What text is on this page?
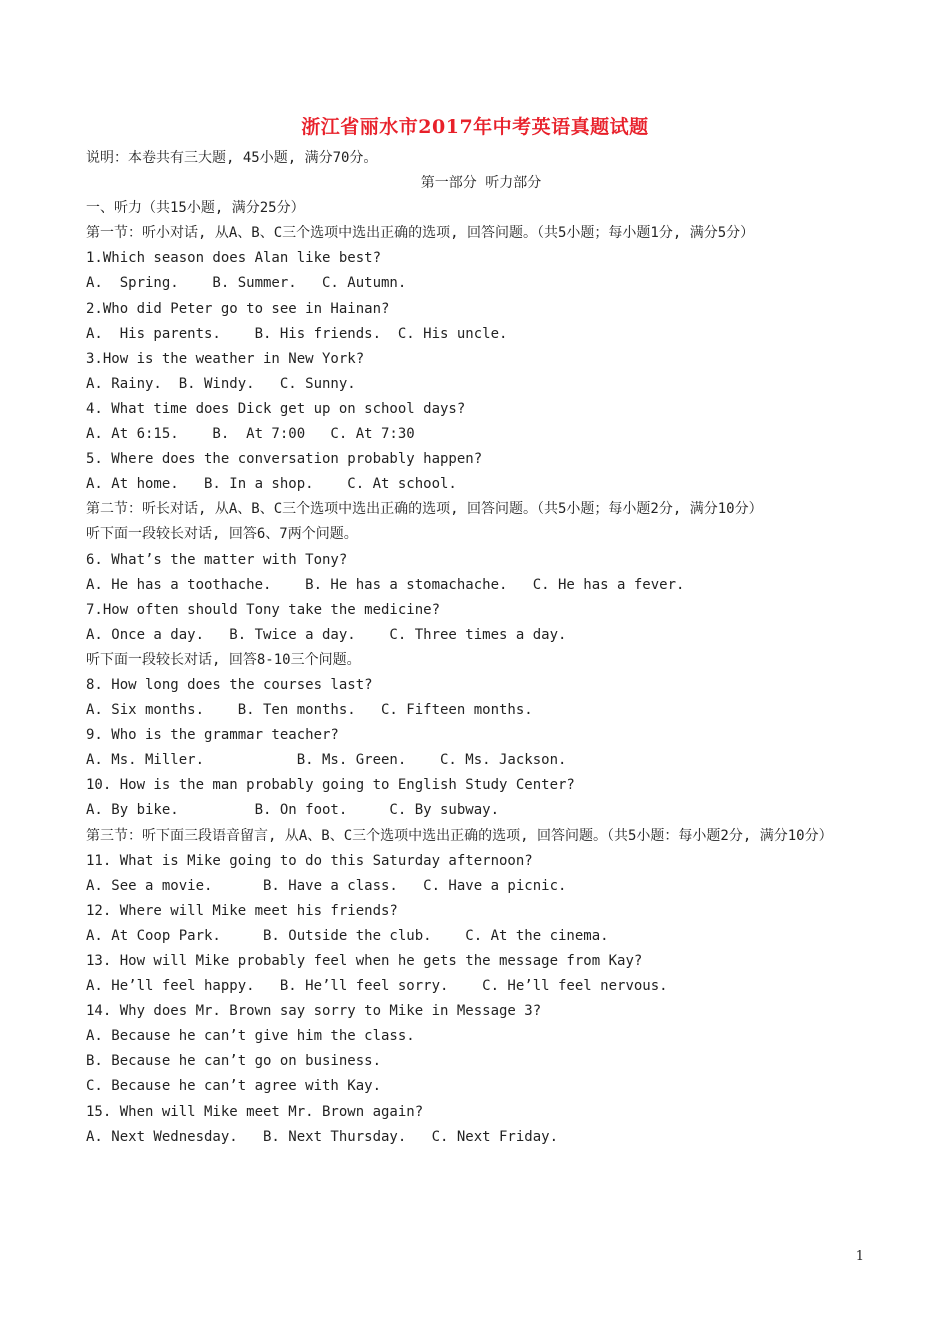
浙江省丽水市2017年中考英语真题试题

说明：本卷共有三大题, 45小题, 满分70分。

第一部分 听力部分

一、听力（共15小题, 满分25分）

第一节：听小对话, 从A、B、C三个选项中选出正确的选项, 回答问题。（共5小题；每小题1分, 满分5分）

1.Which season does Alan like best?

A.  Spring.    B. Summer.   C. Autumn.

2.Who did Peter go to see in Hainan?

A.  His parents.    B. His friends.  C. His uncle.

3.How is the weather in New York?

A. Rainy.  B. Windy.   C. Sunny.

4. What time does Dick get up on school days?

A. At 6:15.    B.  At 7:00   C. At 7:30

5. Where does the conversation probably happen?

A. At home.   B. In a shop.    C. At school.

第二节：听长对话, 从A、B、C三个选项中选出正确的选项, 回答问题。（共5小题；每小题2分, 满分10分）

听下面一段较长对话, 回答6、7两个问题。

6. What’s the matter with Tony?

A. He has a toothache.    B. He has a stomachache.   C. He has a fever.

7.How often should Tony take the medicine?

A. Once a day.   B. Twice a day.    C. Three times a day.

听下面一段较长对话, 回答8-10三个问题。

8. How long does the courses last?

A. Six months.    B. Ten months.   C. Fifteen months.

9. Who is the grammar teacher?

A. Ms. Miller.           B. Ms. Green.    C. Ms. Jackson.

10. How is the man probably going to English Study Center?

A. By bike.         B. On foot.     C. By subway.

第三节：听下面三段语音留言, 从A、B、C三个选项中选出正确的选项, 回答问题。（共5小题：每小题2分, 满分10分）

11. What is Mike going to do this Saturday afternoon?

A. See a movie.      B. Have a class.   C. Have a picnic.

12. Where will Mike meet his friends?

A. At Coop Park.     B. Outside the club.    C. At the cinema.

13. How will Mike probably feel when he gets the message from Kay?

A. He’ll feel happy.   B. He’ll feel sorry.    C. He’ll feel nervous.

14. Why does Mr. Brown say sorry to Mike in Message 3?

A. Because he can’t give him the class.

B. Because he can’t go on business.

C. Because he can’t agree with Kay.

15. When will Mike meet Mr. Brown again?

A. Next Wednesday.   B. Next Thursday.   C. Next Friday.

1
